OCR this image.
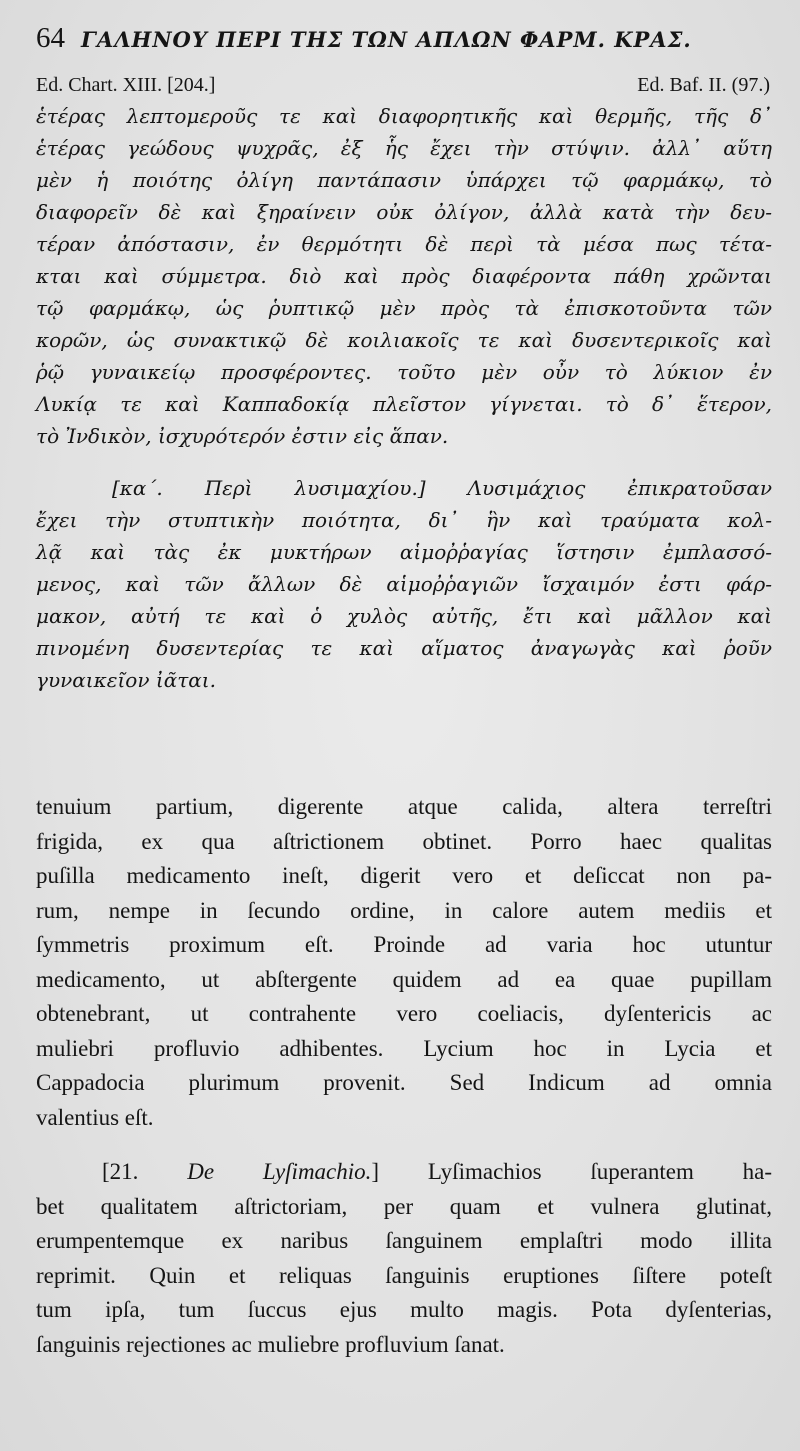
64 ΓΑΛΗΝΟΥ ΠΕΡΙ ΤΗΣ ΤΩΝ ΑΠΛΩΝ ΦΑΡΜ. ΚΡΑΣ.
Ed. Chart. XIII. [204.]	Ed. Baf. II. (97.)
ἑτέρας λεπτομεροῦς τε καὶ διαφορητικῆς καὶ θερμῆς, τῆς δ᾽
ἑτέρας γεώδους ψυχρᾶς, ἐξ ἧς ἔχει τὴν στύψιν. ἀλλ᾽ αὕτη
μὲν ἡ ποιότης ὀλίγη παντάπασιν ὑπάρχει τῷ φαρμάκῳ, τὸ
διαφορεῖν δὲ καὶ ξηραίνειν οὐκ ὀλίγον, ἀλλὰ κατὰ τὴν δευ-
τέραν ἀπόστασιν, ἐν θερμότητι δὲ περὶ τὰ μέσα πως τέτα-
κται καὶ σύμμετρα. διὸ καὶ πρὸς διαφέροντα πάθη χρῶνται
τῷ φαρμάκῳ, ὡς ῥυπτικῷ μὲν πρὸς τὰ ἐπισκοτοῦντα τῶν
κορῶν, ὡς συνακτικῷ δὲ κοιλιακοῖς τε καὶ δυσεντερικοῖς καὶ
ῥῷ γυναικείῳ προσφέροντες. τοῦτο μὲν οὖν τὸ λύκιον ἐν
Λυκίᾳ τε καὶ Καππαδοκίᾳ πλεῖστον γίγνεται. τὸ δ᾽ ἕτερον,
τὸ Ἰνδικὸν, ἰσχυρότερόν ἐστιν εἰς ἅπαν.
[κα΄. Περὶ λυσιμαχίου.] Λυσιμάχιος ἐπικρατοῦσαν
ἔχει τὴν στυπτικὴν ποιότητα, δι᾽ ἣν καὶ τραύματα κολ-
λᾷ καὶ τὰς ἐκ μυκτήρων αἱμοῤῥαγίας ἵστησιν ἐμπλασσό-
μενος, καὶ τῶν ἄλλων δὲ αἱμοῤῥαγιῶν ἴσχαιμόν ἐστι φάρ-
μακον, αὐτή τε καὶ ὁ χυλὸς αὐτῆς, ἔτι καὶ μᾶλλον καὶ
πινομένη δυσεντερίας τε καὶ αἵματος ἀναγωγὰς καὶ ῥοῦν
γυναικεῖον ἰᾶται.
tenuium partium, digerente atque calida, altera terreſtri
frigida, ex qua aſtrictionem obtinet. Porro haec qualitas
puſilla medicamento ineſt, digerit vero et deſiccat non pa-
rum, nempe in ſecundo ordine, in calore autem mediis et
ſymmetris proximum eſt. Proinde ad varia hoc utuntur
medicamento, ut abſtergente quidem ad ea quae pupillam
obtenebrant, ut contrahente vero coeliacis, dyſentericis ac
muliebri profluvio adhibentes. Lycium hoc in Lycia et
Cappadocia plurimum provenit. Sed Indicum ad omnia
valentius eſt.
[21. De Lyſimachio.] Lyſimachios ſuperantem ha-
bet qualitatem aſtrictoriam, per quam et vulnera glutinat,
erumpentemque ex naribus ſanguinem emplaſtri modo illita
reprimit. Quin et reliquas ſanguinis eruptiones ſiſtere poteſt
tum ipſa, tum ſuccus ejus multo magis. Pota dyſenterias,
ſanguinis rejectiones ac muliebre profluvium ſanat.
